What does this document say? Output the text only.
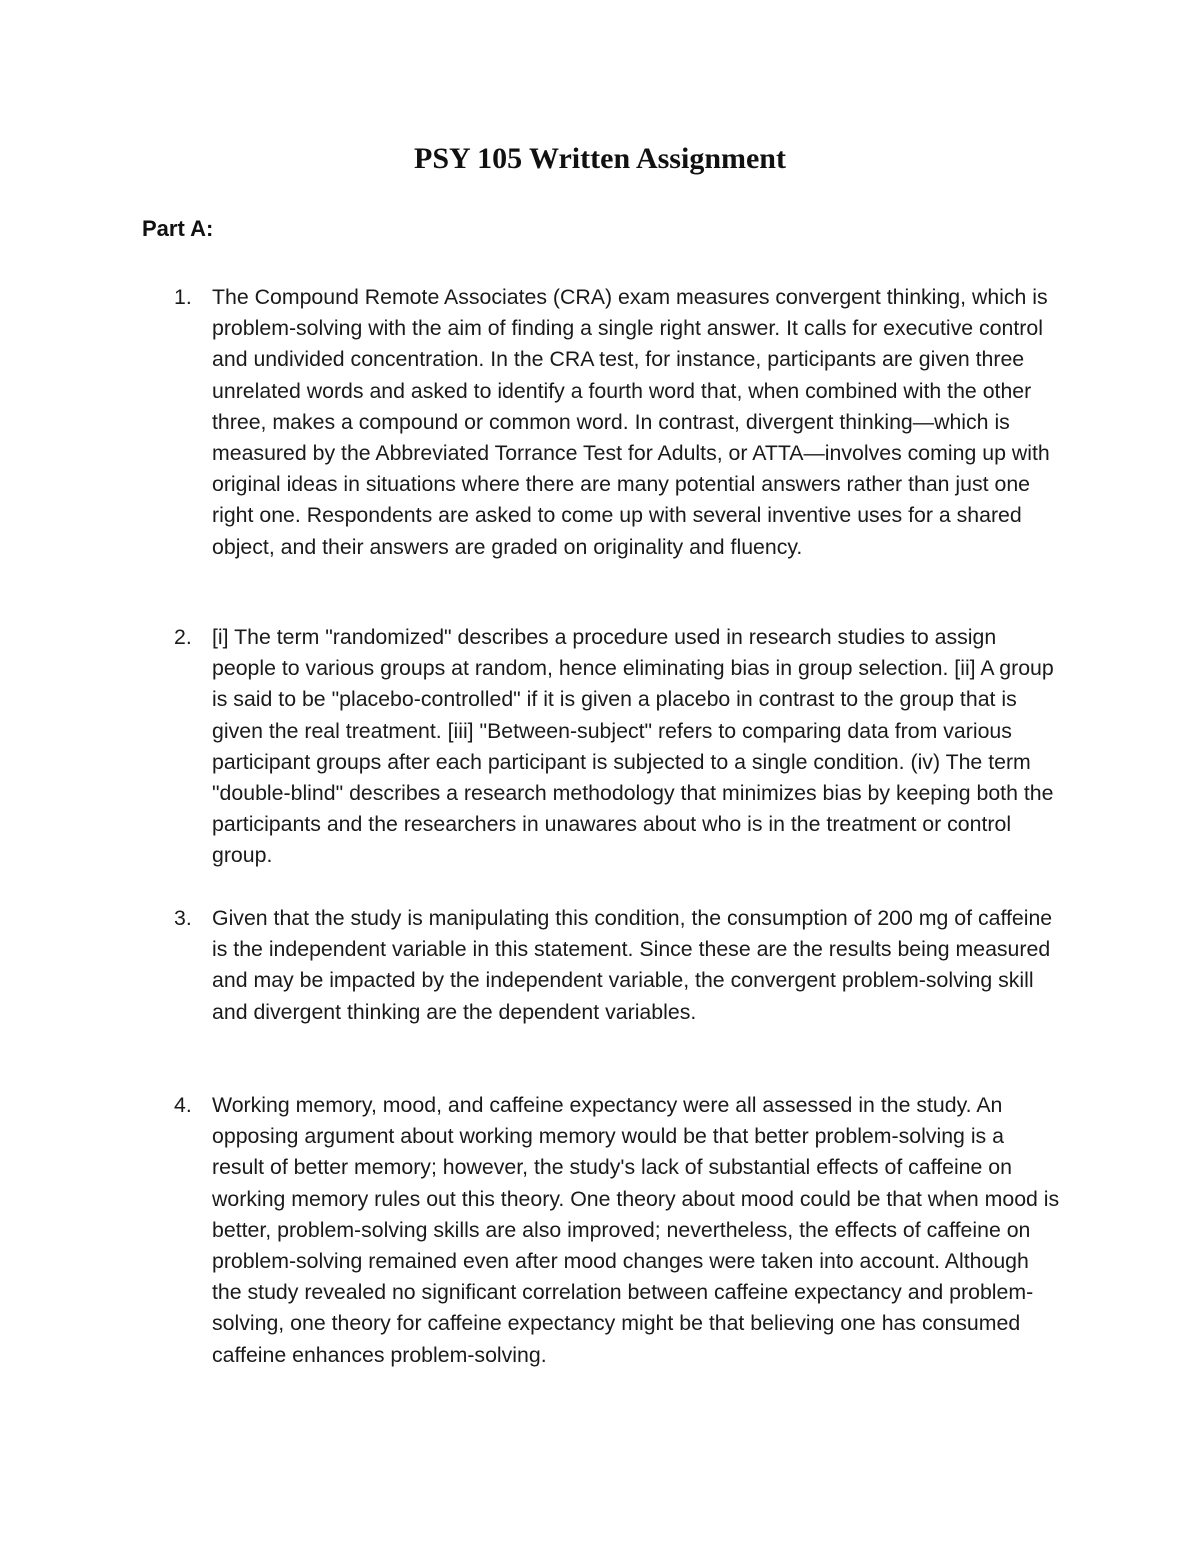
PSY 105 Written Assignment
Part A:
1. The Compound Remote Associates (CRA) exam measures convergent thinking, which is problem-solving with the aim of finding a single right answer. It calls for executive control and undivided concentration. In the CRA test, for instance, participants are given three unrelated words and asked to identify a fourth word that, when combined with the other three, makes a compound or common word. In contrast, divergent thinking—which is measured by the Abbreviated Torrance Test for Adults, or ATTA—involves coming up with original ideas in situations where there are many potential answers rather than just one right one. Respondents are asked to come up with several inventive uses for a shared object, and their answers are graded on originality and fluency.

2. [i] The term "randomized" describes a procedure used in research studies to assign people to various groups at random, hence eliminating bias in group selection. [ii] A group is said to be "placebo-controlled" if it is given a placebo in contrast to the group that is given the real treatment. [iii] "Between-subject" refers to comparing data from various participant groups after each participant is subjected to a single condition. (iv) The term "double-blind" describes a research methodology that minimizes bias by keeping both the participants and the researchers in unawares about who is in the treatment or control group.

3. Given that the study is manipulating this condition, the consumption of 200 mg of caffeine is the independent variable in this statement. Since these are the results being measured and may be impacted by the independent variable, the convergent problem-solving skill and divergent thinking are the dependent variables.

4. Working memory, mood, and caffeine expectancy were all assessed in the study. An opposing argument about working memory would be that better problem-solving is a result of better memory; however, the study's lack of substantial effects of caffeine on working memory rules out this theory. One theory about mood could be that when mood is better, problem-solving skills are also improved; nevertheless, the effects of caffeine on problem-solving remained even after mood changes were taken into account. Although the study revealed no significant correlation between caffeine expectancy and problem-solving, one theory for caffeine expectancy might be that believing one has consumed caffeine enhances problem-solving.
